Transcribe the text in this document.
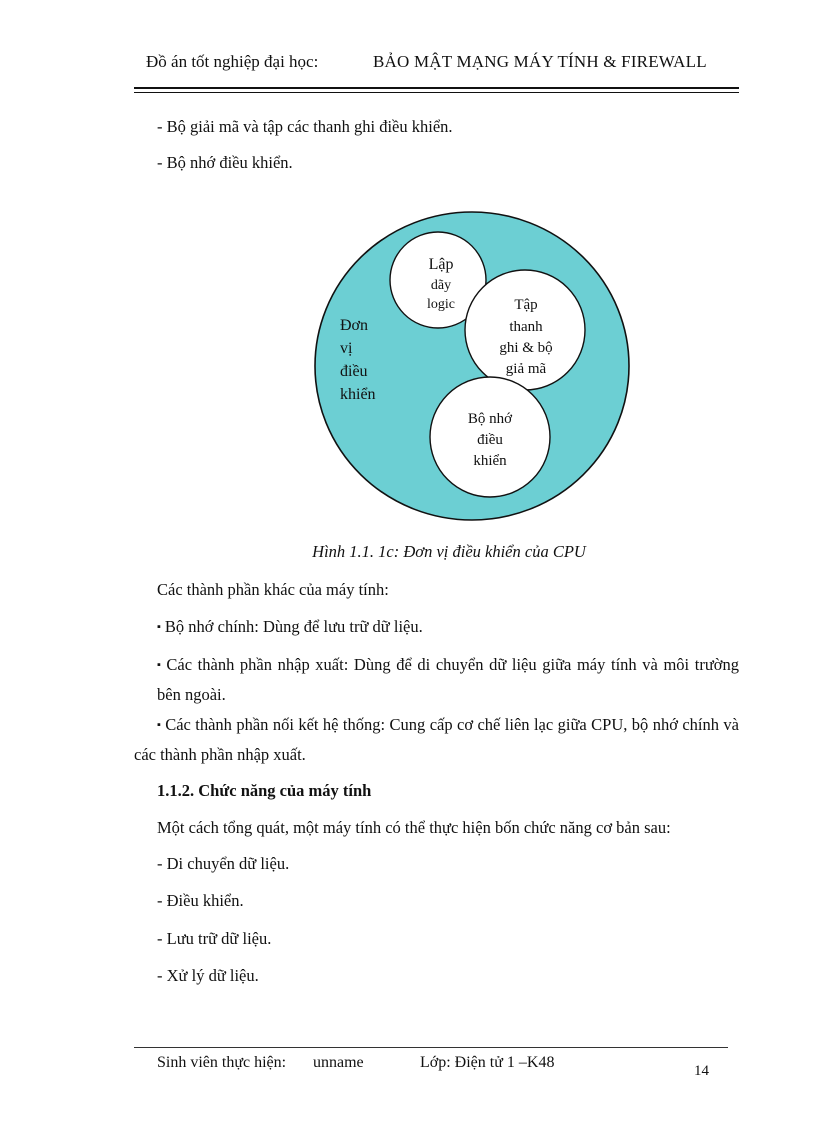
Đồ án tốt nghiệp đại học:	BẢO MẬT MẠNG MÁY TÍNH & FIREWALL
- Bộ giải mã và tập các thanh ghi điều khiển.
- Bộ nhớ điều khiển.
Đơn
vị
điều
khiển
Lập
dãy
logic	Tập
thanh
ghi & bộ
giả mã
Bộ nhớ
điều
khiển
Hình 1.1. 1c: Đơn vị điều khiển của CPU
Các thành phần khác của máy tính:
▪ Bộ nhớ chính: Dùng để lưu trữ dữ liệu.
▪ Các thành phần nhập xuất: Dùng để di chuyển dữ liệu giữa máy tính và môi trường bên ngoài.
▪ Các thành phần nối kết hệ thống: Cung cấp cơ chế liên lạc giữa CPU, bộ nhớ chính và các thành phần nhập xuất.
1.1.2. Chức năng của máy tính
Một cách tổng quát, một máy tính có thể thực hiện bốn chức năng cơ bản sau:
- Di chuyển dữ liệu.
- Điều khiển.
- Lưu trữ dữ liệu.
- Xử lý dữ liệu.
Sinh viên thực hiện: unname	Lớp: Điện tử 1 –K48	14
